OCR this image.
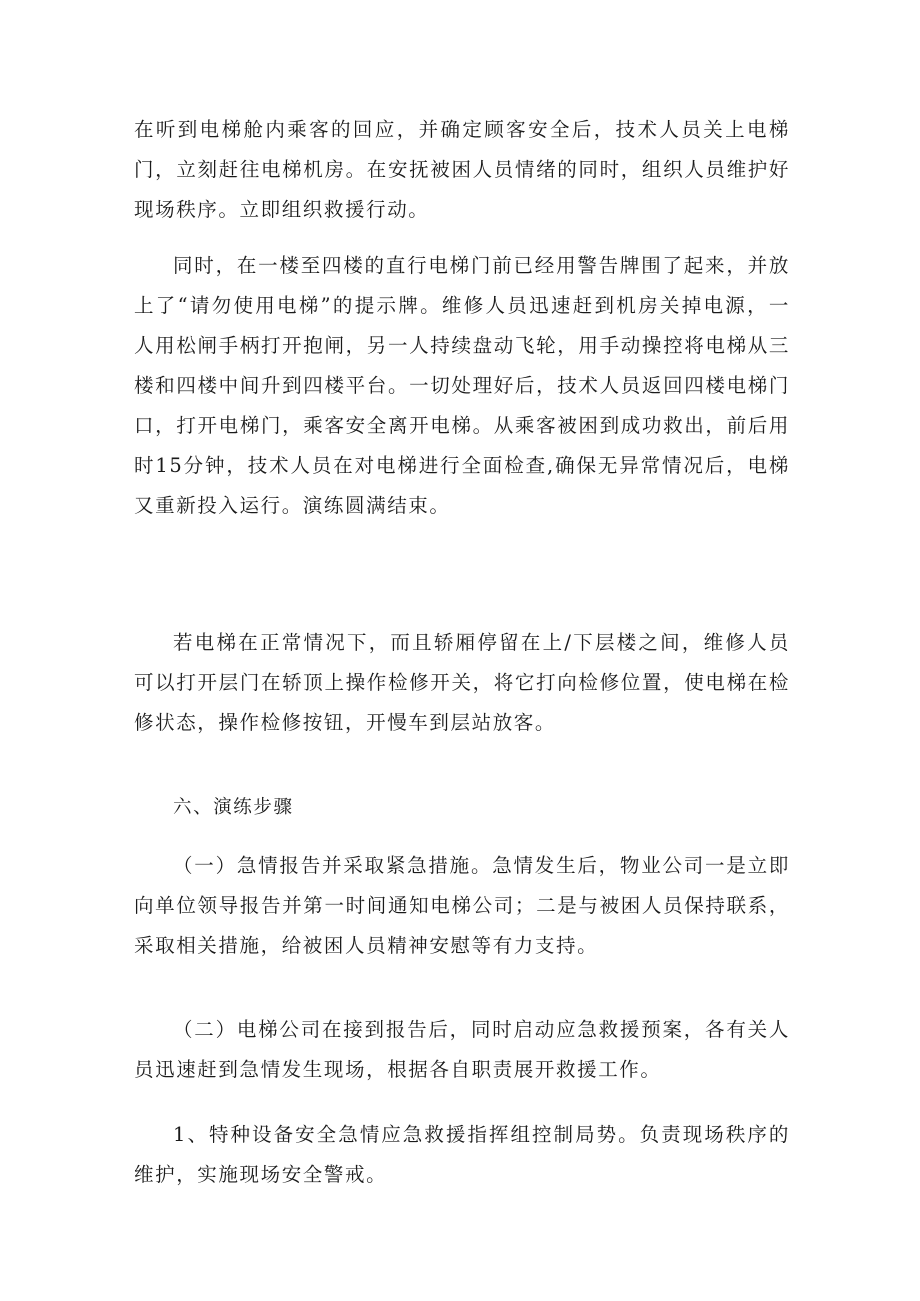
在听到电梯舱内乘客的回应，并确定顾客安全后，技术人员关上电梯门，立刻赶往电梯机房。在安抚被困人员情绪的同时，组织人员维护好现场秩序。立即组织救援行动。

同时，在一楼至四楼的直行电梯门前已经用警告牌围了起来，并放上了“请勿使用电梯”的提示牌。维修人员迅速赶到机房关掉电源，一人用松闸手柄打开抱闸，另一人持续盘动飞轮，用手动操控将电梯从三楼和四楼中间升到四楼平台。一切处理好后，技术人员返回四楼电梯门口，打开电梯门，乘客安全离开电梯。从乘客被困到成功救出，前后用时15分钟，技术人员在对电梯进行全面检查,确保无异常情况后，电梯又重新投入运行。演练圆满结束。

若电梯在正常情况下，而且轿厢停留在上/下层楼之间，维修人员可以打开层门在轿顶上操作检修开关，将它打向检修位置，使电梯在检修状态，操作检修按钮，开慢车到层站放客。

六、演练步骤

（一）急情报告并采取紧急措施。急情发生后，物业公司一是立即向单位领导报告并第一时间通知电梯公司；二是与被困人员保持联系，采取相关措施，给被困人员精神安慰等有力支持。

（二）电梯公司在接到报告后，同时启动应急救援预案，各有关人员迅速赶到急情发生现场，根据各自职责展开救援工作。

1、特种设备安全急情应急救援指挥组控制局势。负责现场秩序的维护，实施现场安全警戒。
